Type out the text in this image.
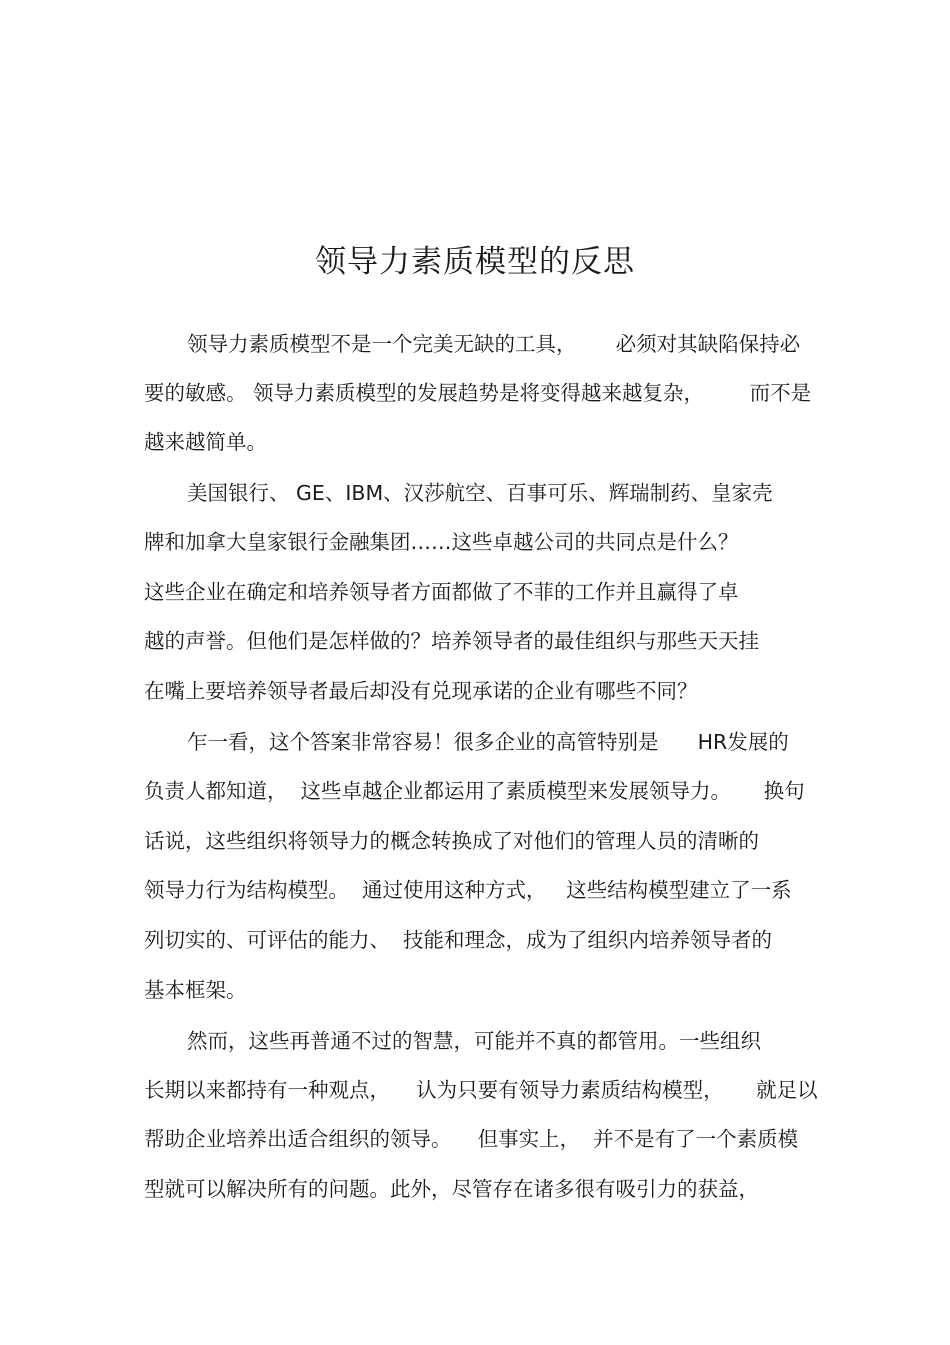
领导力素质模型的反思
领导力素质模型不是一个完美无缺的工具，      必须对其缺陷保持必
要的敏感。 领导力素质模型的发展趋势是将变得越来越复杂，       而不是
越来越简单。
美国银行、 GE、IBM、汉莎航空、百事可乐、辉瑞制药、皇家壳
牌和加拿大皇家银行金融集团……这些卓越公司的共同点是什么？
这些企业在确定和培养领导者方面都做了不菲的工作并且赢得了卓
越的声誉。但他们是怎样做的？培养领导者的最佳组织与那些天天挂
在嘴上要培养领导者最后却没有兑现承诺的企业有哪些不同？
乍一看，这个答案非常容易！很多企业的高管特别是      HR发展的
负责人都知道，  这些卓越企业都运用了素质模型来发展领导力。     换句
话说，这些组织将领导力的概念转换成了对他们的管理人员的清晰的
领导力行为结构模型。  通过使用这种方式，   这些结构模型建立了一系
列切实的、可评估的能力、  技能和理念，成为了组织内培养领导者的
基本框架。
然而，这些再普通不过的智慧，可能并不真的都管用。一些组织
长期以来都持有一种观点，    认为只要有领导力素质结构模型，     就足以
帮助企业培养出适合组织的领导。    但事实上，  并不是有了一个素质模
型就可以解决所有的问题。此外，尽管存在诸多很有吸引力的获益，
